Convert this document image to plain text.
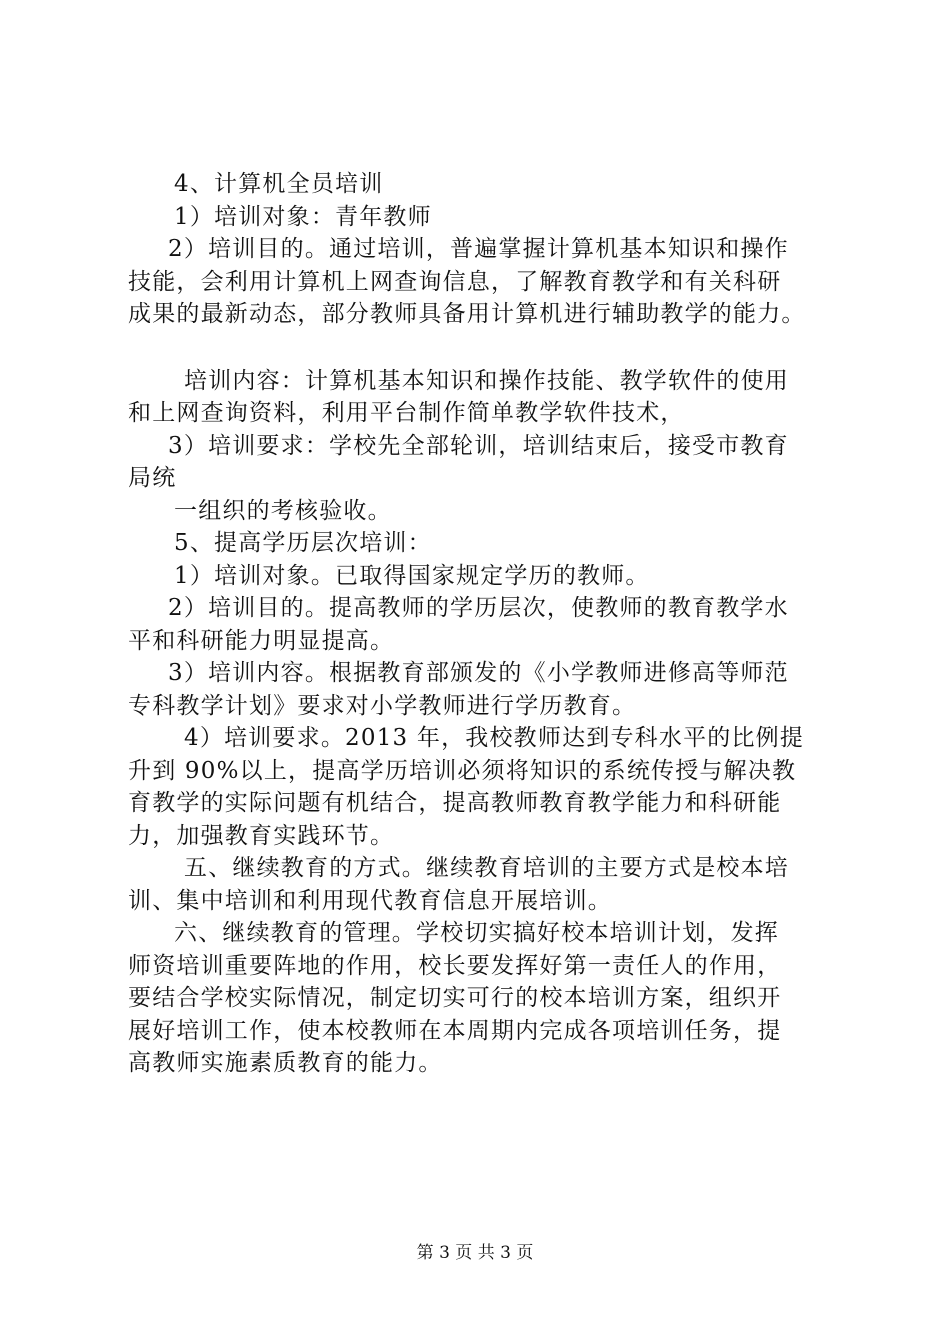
4、计算机全员培训

1）培训对象：青年教师

2）培训目的。通过培训，普遍掌握计算机基本知识和操作

技能，会利用计算机上网查询信息，了解教育教学和有关科研

成果的最新动态，部分教师具备用计算机进行辅助教学的能力。

培训内容：计算机基本知识和操作技能、教学软件的使用

和上网查询资料，利用平台制作简单教学软件技术，

3）培训要求：学校先全部轮训，培训结束后，接受市教育

局统

一组织的考核验收。

5、提高学历层次培训：

1）培训对象。已取得国家规定学历的教师。

2）培训目的。提高教师的学历层次，使教师的教育教学水

平和科研能力明显提高。

3）培训内容。根据教育部颁发的《小学教师进修高等师范

专科教学计划》要求对小学教师进行学历教育。

4）培训要求。2013 年，我校教师达到专科水平的比例提

升到 90%以上，提高学历培训必须将知识的系统传授与解决教

育教学的实际问题有机结合，提高教师教育教学能力和科研能

力，加强教育实践环节。

五、继续教育的方式。继续教育培训的主要方式是校本培

训、集中培训和利用现代教育信息开展培训。

六、继续教育的管理。学校切实搞好校本培训计划，发挥

师资培训重要阵地的作用，校长要发挥好第一责任人的作用，

要结合学校实际情况，制定切实可行的校本培训方案，组织开

展好培训工作，使本校教师在本周期内完成各项培训任务，提

高教师实施素质教育的能力。

第 3 页 共 3 页
